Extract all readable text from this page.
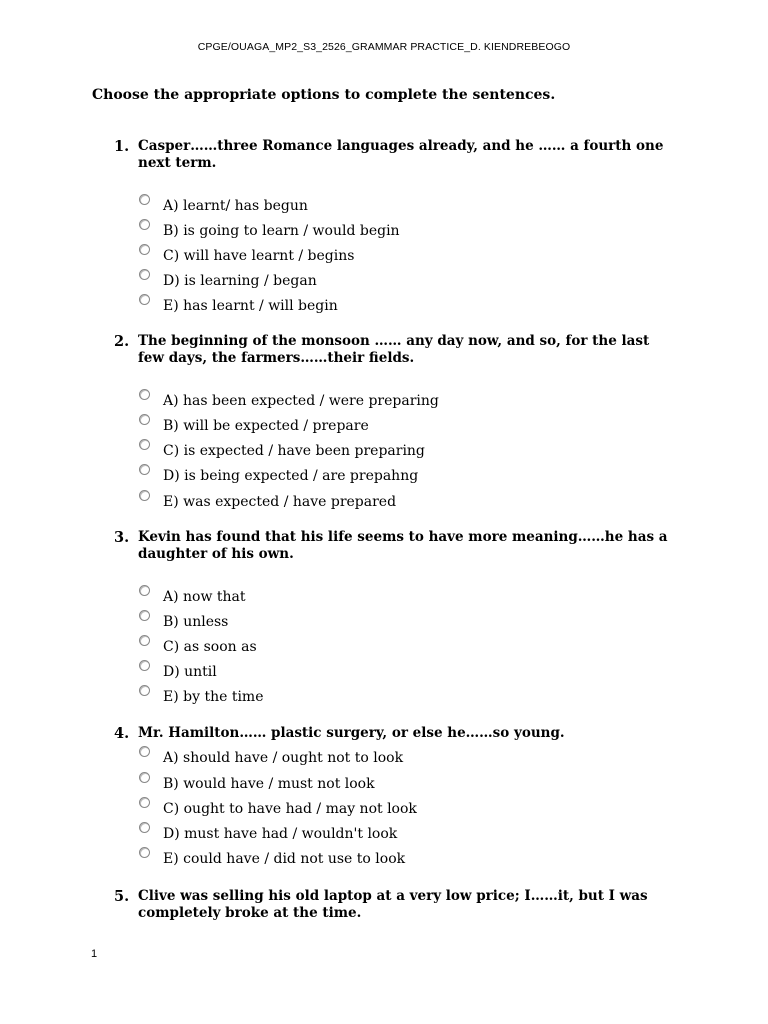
CPGE/OUAGA_MP2_S3_2526_GRAMMAR PRACTICE_D. KIENDREBEOGO
Choose the appropriate options to complete the sentences.
1. Casper……three Romance languages already, and he …… a fourth one next term.
A) learnt/ has begun
B) is going to learn / would begin
C) will have learnt / begins
D) is learning / began
E) has learnt / will begin
2. The beginning of the monsoon …… any day now, and so, for the last few days, the farmers……their fields.
A) has been expected / were preparing
B) will be expected / prepare
C) is expected / have been preparing
D) is being expected / are prepahng
E) was expected / have prepared
3. Kevin has found that his life seems to have more meaning……he has a daughter of his own.
A) now that
B) unless
C) as soon as
D) until
E) by the time
4. Mr. Hamilton…… plastic surgery, or else he……so young.
A) should have / ought not to look
B) would have / must not look
C) ought to have had / may not look
D) must have had / wouldn't look
E) could have / did not use to look
5. Clive was selling his old laptop at a very low price; I……it, but I was completely broke at the time.
1
